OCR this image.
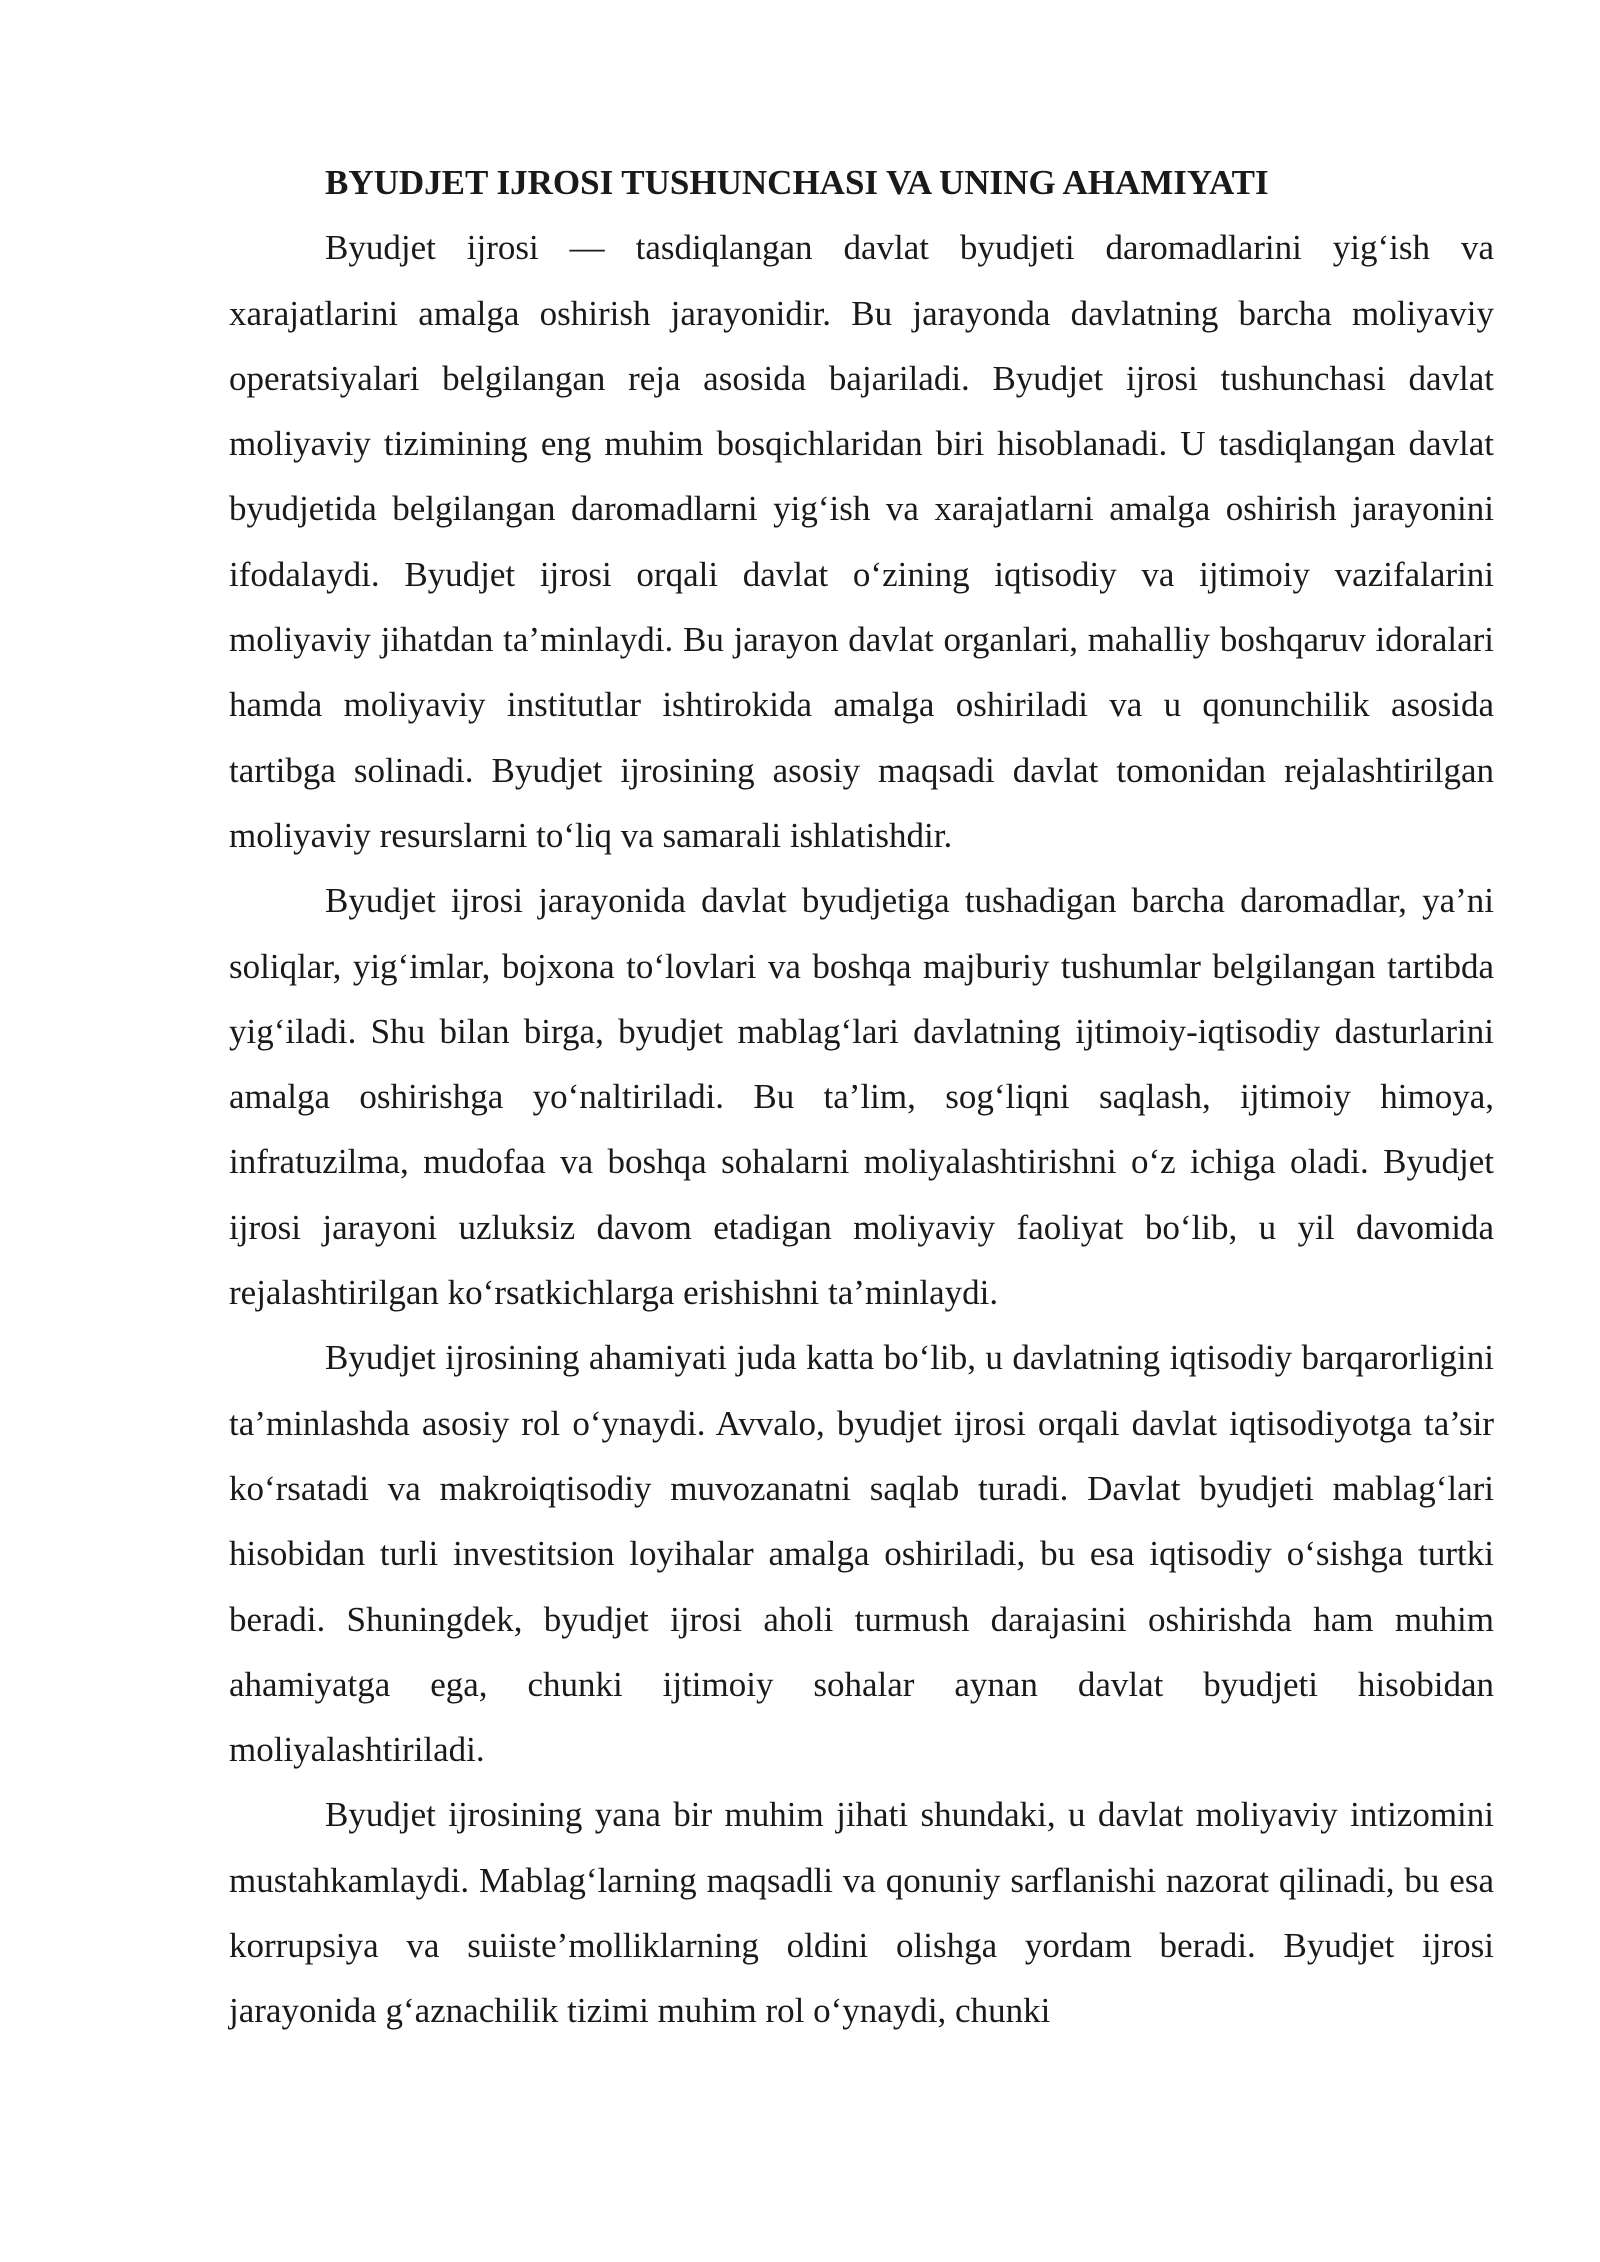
BYUDJET IJROSI TUSHUNCHASI VA UNING AHAMIYATI

Byudjet ijrosi — tasdiqlangan davlat byudjeti daromadlarini yig‘ish va xarajatlarini amalga oshirish jarayonidir. Bu jarayonda davlatning barcha moliyaviy operatsiyalari belgilangan reja asosida bajariladi. Byudjet ijrosi tushunchasi davlat moliyaviy tizimining eng muhim bosqichlaridan biri hisoblanadi. U tasdiqlangan davlat byudjetida belgilangan daromadlarni yig‘ish va xarajatlarni amalga oshirish jarayonini ifodalaydi. Byudjet ijrosi orqali davlat o‘zining iqtisodiy va ijtimoiy vazifalarini moliyaviy jihatdan ta’minlaydi. Bu jarayon davlat organlari, mahalliy boshqaruv idoralari hamda moliyaviy institutlar ishtirokida amalga oshiriladi va u qonunchilik asosida tartibga solinadi. Byudjet ijrosining asosiy maqsadi davlat tomonidan rejalashtirilgan moliyaviy resurslarni to‘liq va samarali ishlatishdir.

Byudjet ijrosi jarayonida davlat byudjetiga tushadigan barcha daromadlar, ya’ni soliqlar, yig‘imlar, bojxona to‘lovlari va boshqa majburiy tushumlar belgilangan tartibda yig‘iladi. Shu bilan birga, byudjet mablag‘lari davlatning ijtimoiy-iqtisodiy dasturlarini amalga oshirishga yo‘naltiriladi. Bu ta’lim, sog‘liqni saqlash, ijtimoiy himoya, infratuzilma, mudofaa va boshqa sohalarni moliyalashtirishni o‘z ichiga oladi. Byudjet ijrosi jarayoni uzluksiz davom etadigan moliyaviy faoliyat bo‘lib, u yil davomida rejalashtirilgan ko‘rsatkichlarga erishishni ta’minlaydi.

Byudjet ijrosining ahamiyati juda katta bo‘lib, u davlatning iqtisodiy barqarorligini ta’minlashda asosiy rol o‘ynaydi. Avvalo, byudjet ijrosi orqali davlat iqtisodiyotga ta’sir ko‘rsatadi va makroiqtisodiy muvozanatni saqlab turadi. Davlat byudjeti mablag‘lari hisobidan turli investitsion loyihalar amalga oshiriladi, bu esa iqtisodiy o‘sishga turtki beradi. Shuningdek, byudjet ijrosi aholi turmush darajasini oshirishda ham muhim ahamiyatga ega, chunki ijtimoiy sohalar aynan davlat byudjeti hisobidan moliyalashtiriladi.

Byudjet ijrosining yana bir muhim jihati shundaki, u davlat moliyaviy intizomini mustahkamlaydi. Mablag‘larning maqsadli va qonuniy sarflanishi nazorat qilinadi, bu esa korrupsiya va suiiste’molliklarning oldini olishga yordam beradi. Byudjet ijrosi jarayonida g‘aznachilik tizimi muhim rol o‘ynaydi, chunki
